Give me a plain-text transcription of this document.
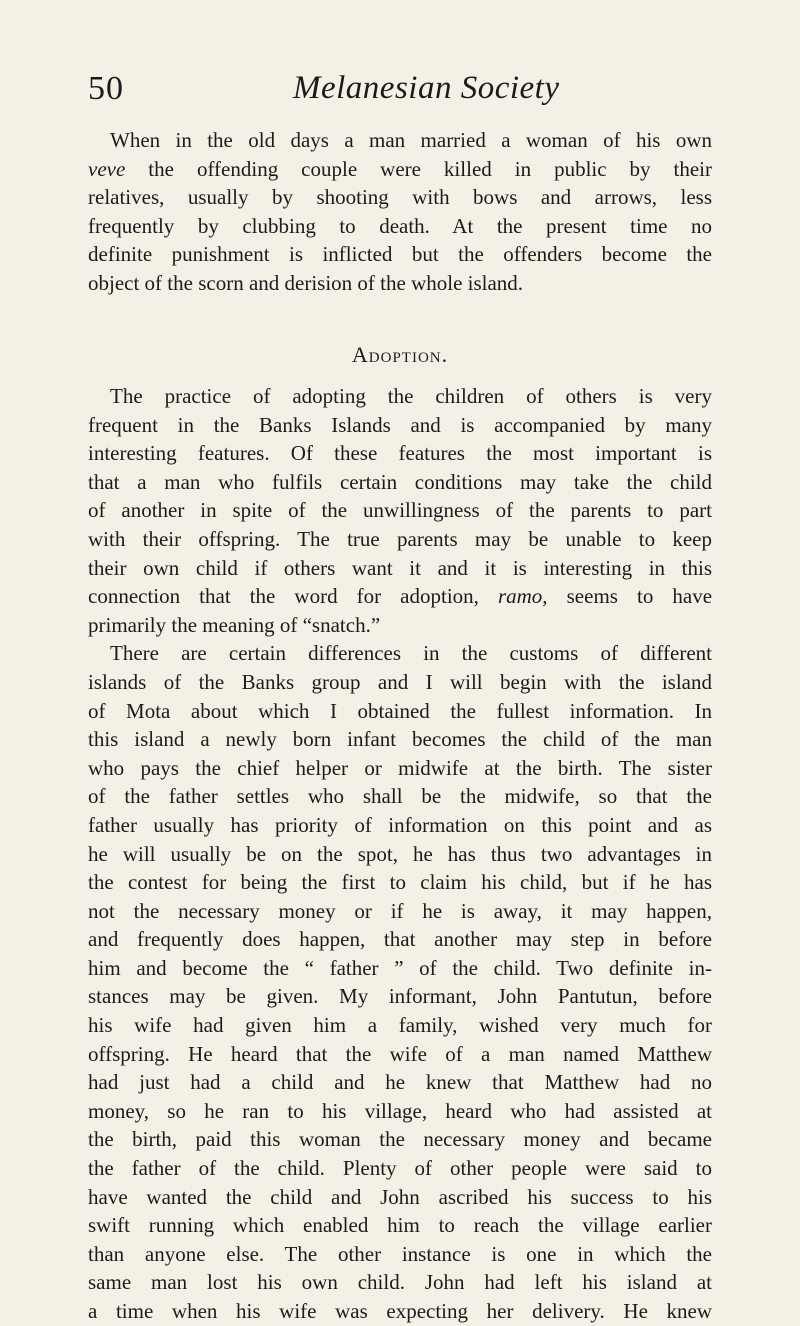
50	Melanesian Society
When in the old days a man married a woman of his own
veve the offending couple were killed in public by their
relatives, usually by shooting with bows and arrows, less
frequently by clubbing to death. At the present time no
definite punishment is inflicted but the offenders become the
object of the scorn and derision of the whole island.
Adoption.
The practice of adopting the children of others is very
frequent in the Banks Islands and is accompanied by many
interesting features. Of these features the most important is
that a man who fulfils certain conditions may take the child
of another in spite of the unwillingness of the parents to part
with their offspring. The true parents may be unable to keep
their own child if others want it and it is interesting in this
connection that the word for adoption, ramo, seems to have
primarily the meaning of “snatch.”
There are certain differences in the customs of different
islands of the Banks group and I will begin with the island
of Mota about which I obtained the fullest information. In
this island a newly born infant becomes the child of the man
who pays the chief helper or midwife at the birth. The sister
of the father settles who shall be the midwife, so that the
father usually has priority of information on this point and as
he will usually be on the spot, he has thus two advantages in
the contest for being the first to claim his child, but if he has
not the necessary money or if he is away, it may happen,
and frequently does happen, that another may step in before
him and become the “ father ” of the child. Two definite in-
stances may be given. My informant, John Pantutun, before
his wife had given him a family, wished very much for
offspring. He heard that the wife of a man named Matthew
had just had a child and he knew that Matthew had no
money, so he ran to his village, heard who had assisted at
the birth, paid this woman the necessary money and became
the father of the child. Plenty of other people were said to
have wanted the child and John ascribed his success to his
swift running which enabled him to reach the village earlier
than anyone else. The other instance is one in which the
same man lost his own child. John had left his island at
a time when his wife was expecting her delivery. He knew
